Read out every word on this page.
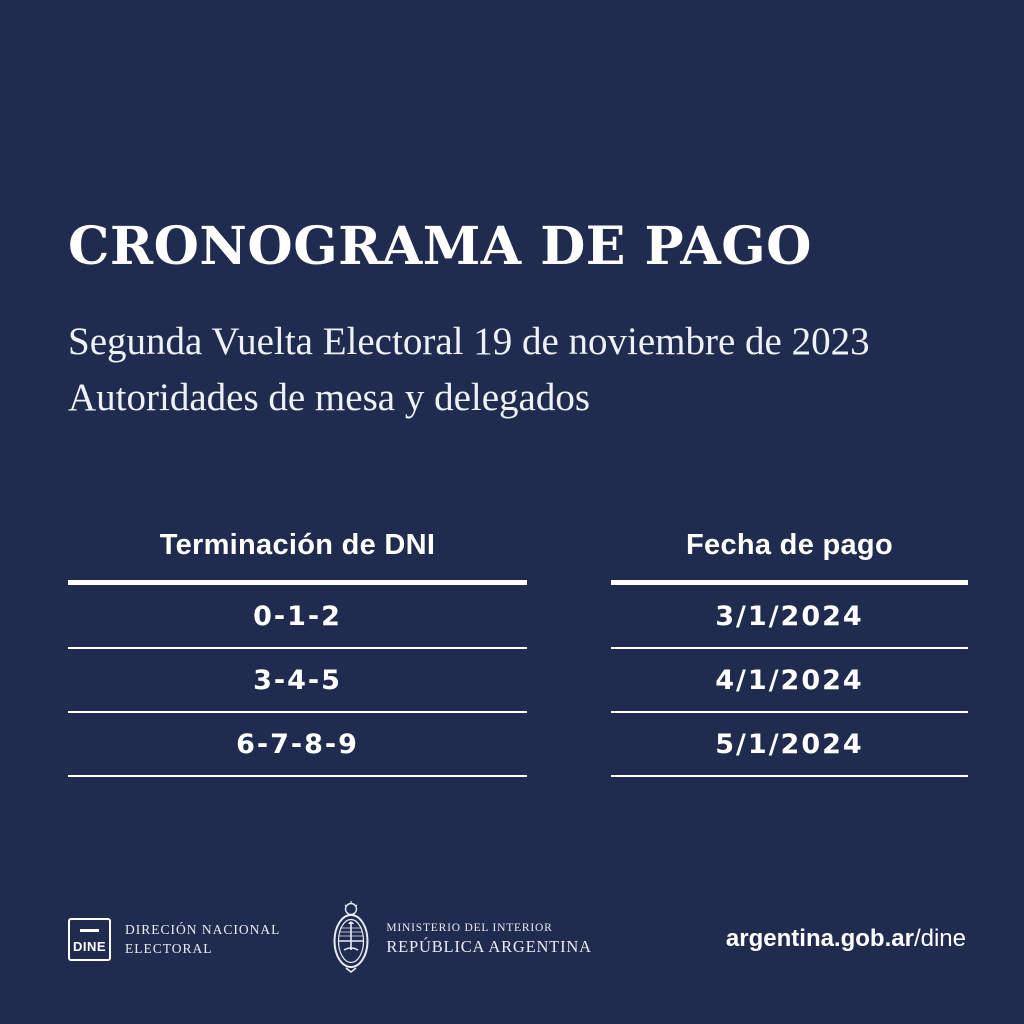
CRONOGRAMA DE PAGO
Segunda Vuelta Electoral 19 de noviembre de 2023
Autoridades de mesa y delegados
Terminación de DNI
0-1-2
3-4-5
6-7-8-9
Fecha de pago
3/1/2024
4/1/2024
5/1/2024
DINE
DIRECIÓN NACIONAL
ELECTORAL
MINISTERIO DEL INTERIOR
REPÚBLICA ARGENTINA	argentina.gob.ar/dine
